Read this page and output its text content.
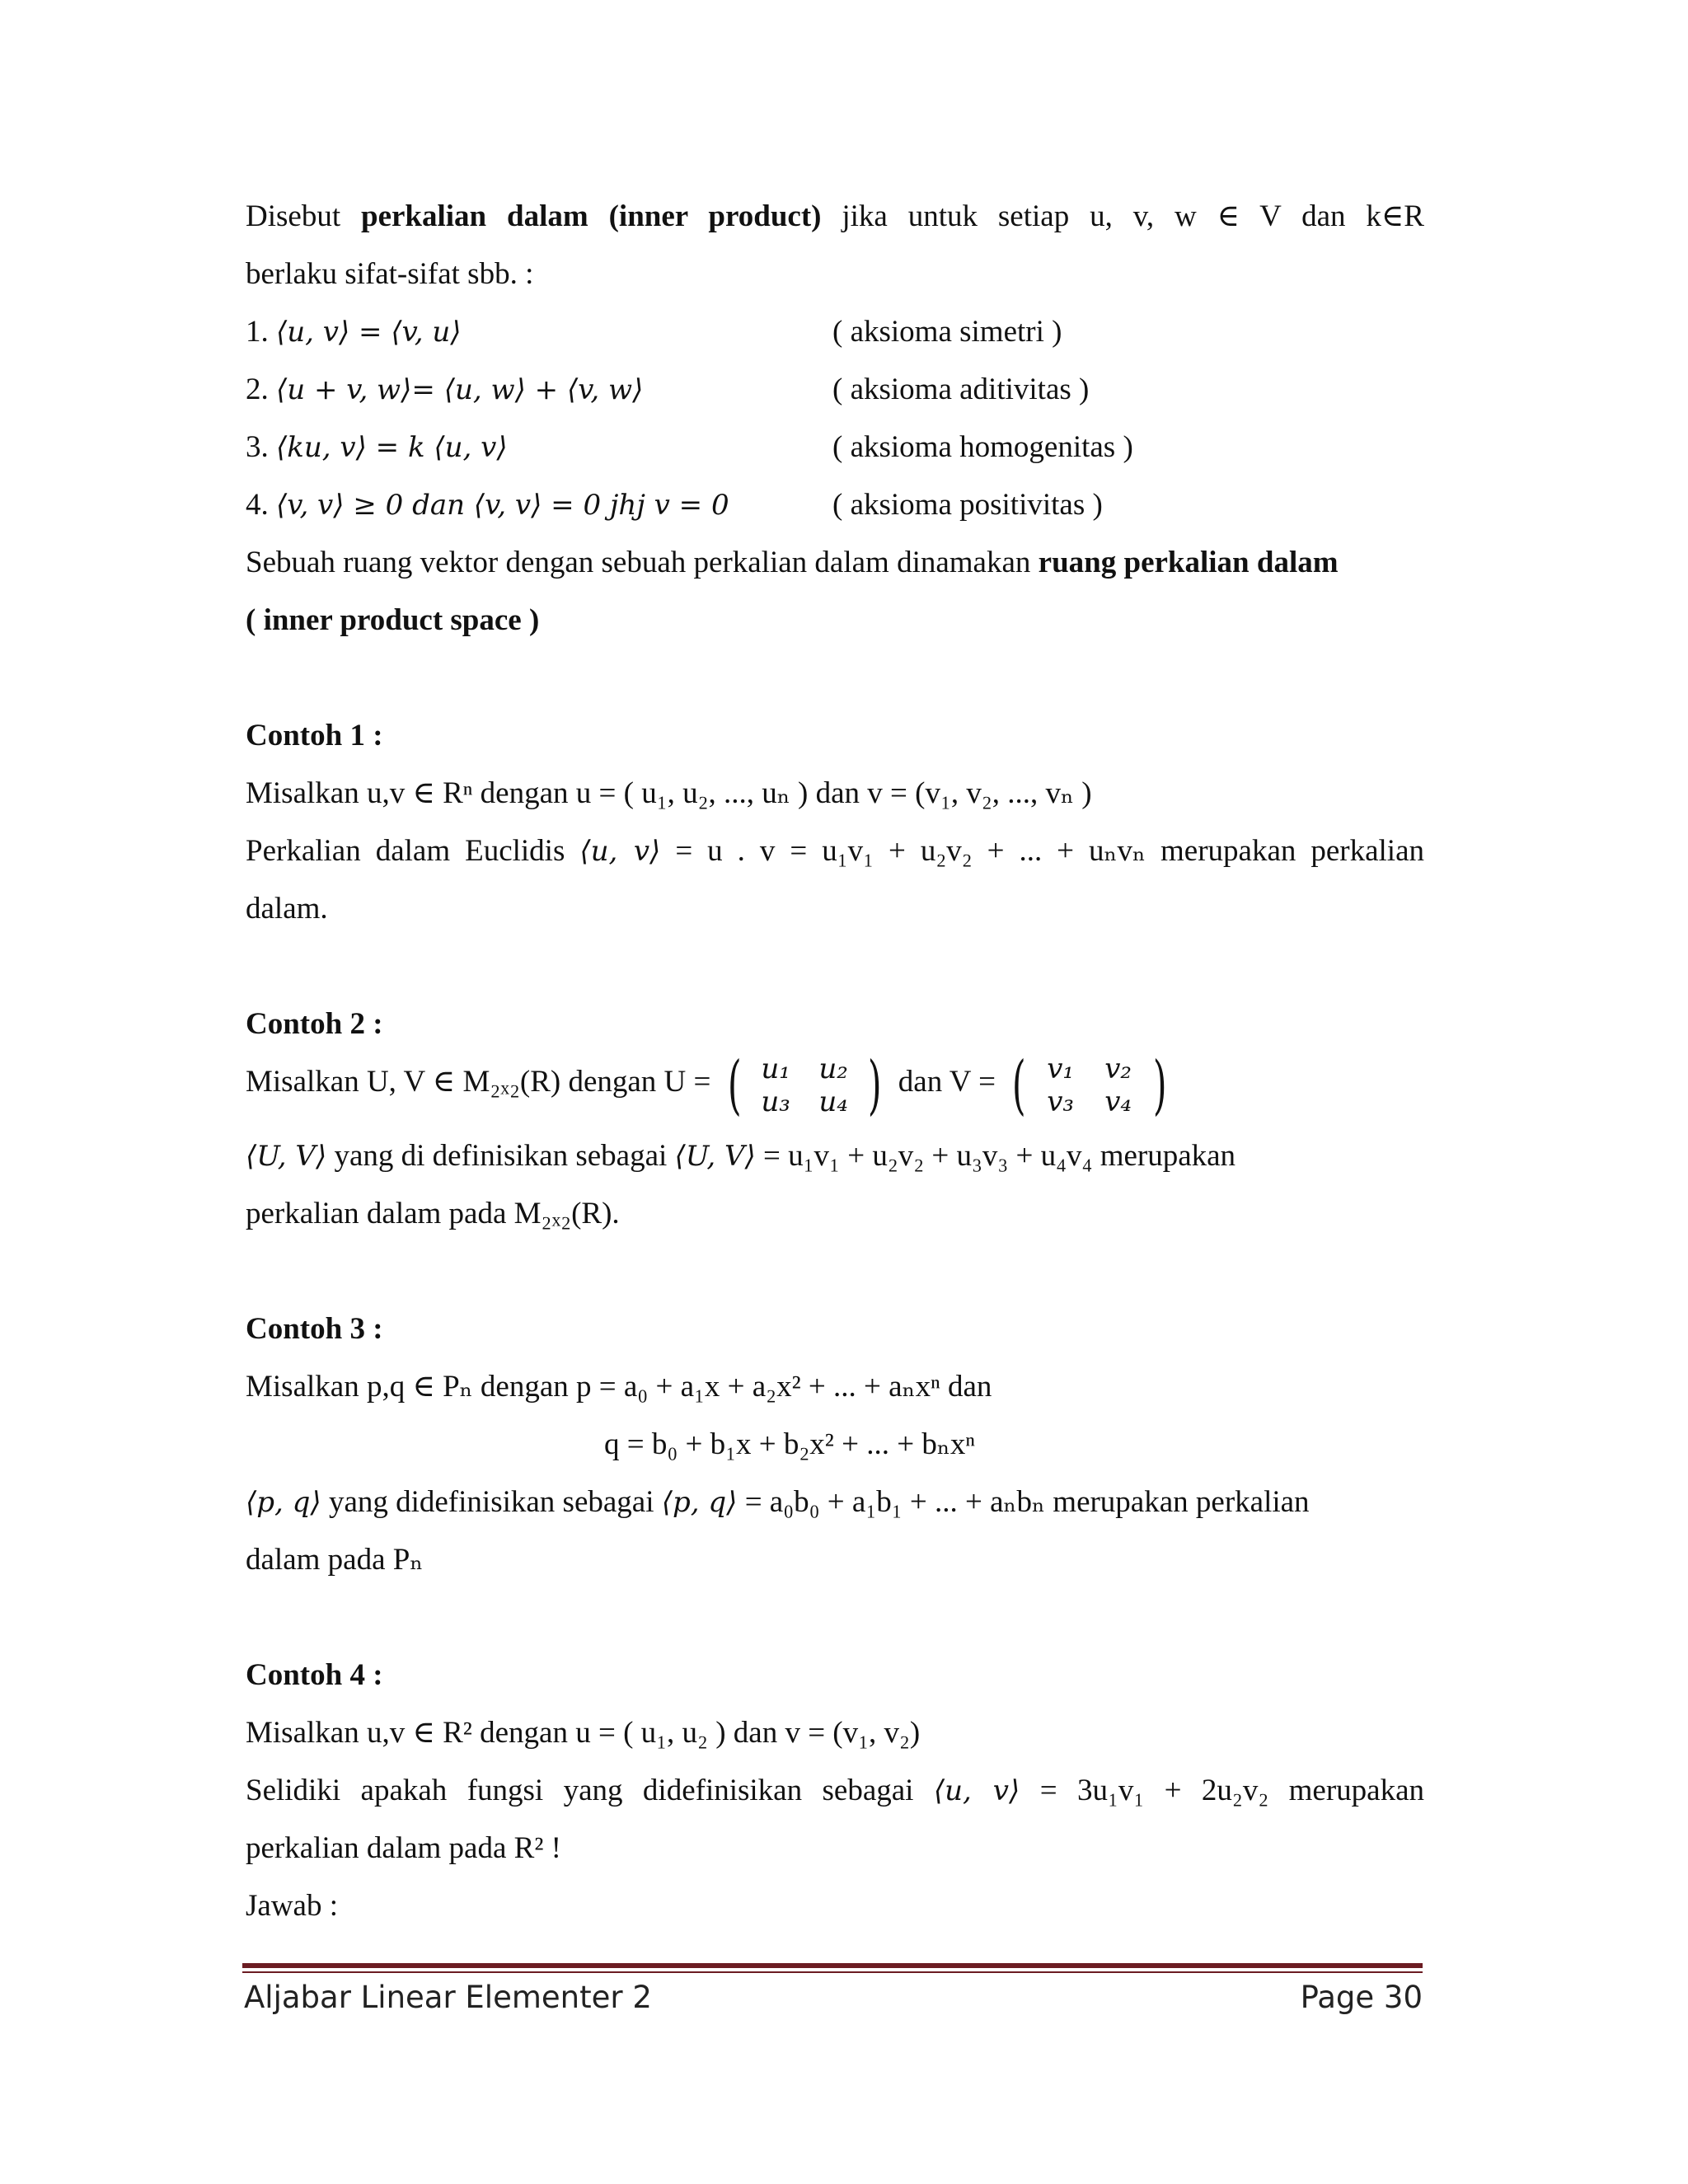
Disebut perkalian dalam (inner product) jika untuk setiap u, v, w ∈ V dan k∈R
berlaku sifat-sifat sbb. :
1. ⟨u, v⟩ = ⟨v, u⟩	( aksioma simetri )
2. ⟨u + v, w⟩= ⟨u, w⟩ + ⟨v, w⟩	( aksioma aditivitas )
3. ⟨ku, v⟩ = k ⟨u, v⟩	( aksioma homogenitas )
4. ⟨v, v⟩ ≥ 0 dan ⟨v, v⟩ = 0 jhj v = 0	( aksioma positivitas )
Sebuah ruang vektor dengan sebuah perkalian dalam dinamakan ruang perkalian dalam
( inner product space )
Contoh 1 :
Misalkan u,v ∈ Rⁿ dengan u = ( u₁, u₂, ..., uₙ ) dan v = (v₁, v₂, ..., vₙ )
Perkalian dalam Euclidis ⟨u, v⟩ = u . v = u₁v₁ + u₂v₂ + ... + uₙvₙ merupakan perkalian
dalam.
Contoh 2 :
Misalkan U, V ∈ M₂ₓ₂(R) dengan U = ( u₁	u₂
u₃	u₄ ) dan V = ( v₁	v₂
v₃	v₄ )
⟨U, V⟩ yang di definisikan sebagai ⟨U, V⟩ = u₁v₁ + u₂v₂ + u₃v₃ + u₄v₄ merupakan
perkalian dalam pada M₂ₓ₂(R).
Contoh 3 :
Misalkan p,q ∈ Pₙ dengan p = a₀ + a₁x + a₂x² + ... + aₙxⁿ dan
q = b₀ + b₁x + b₂x² + ... + bₙxⁿ
⟨p, q⟩ yang didefinisikan sebagai ⟨p, q⟩ = a₀b₀ + a₁b₁ + ... + aₙbₙ merupakan perkalian
dalam pada Pₙ
Contoh 4 :
Misalkan u,v ∈ R² dengan u = ( u₁, u₂ ) dan v = (v₁, v₂)
Selidiki apakah fungsi yang didefinisikan sebagai ⟨u, v⟩ = 3u₁v₁ + 2u₂v₂ merupakan
perkalian dalam pada R² !
Jawab :
Aljabar Linear Elementer 2	Page 30
